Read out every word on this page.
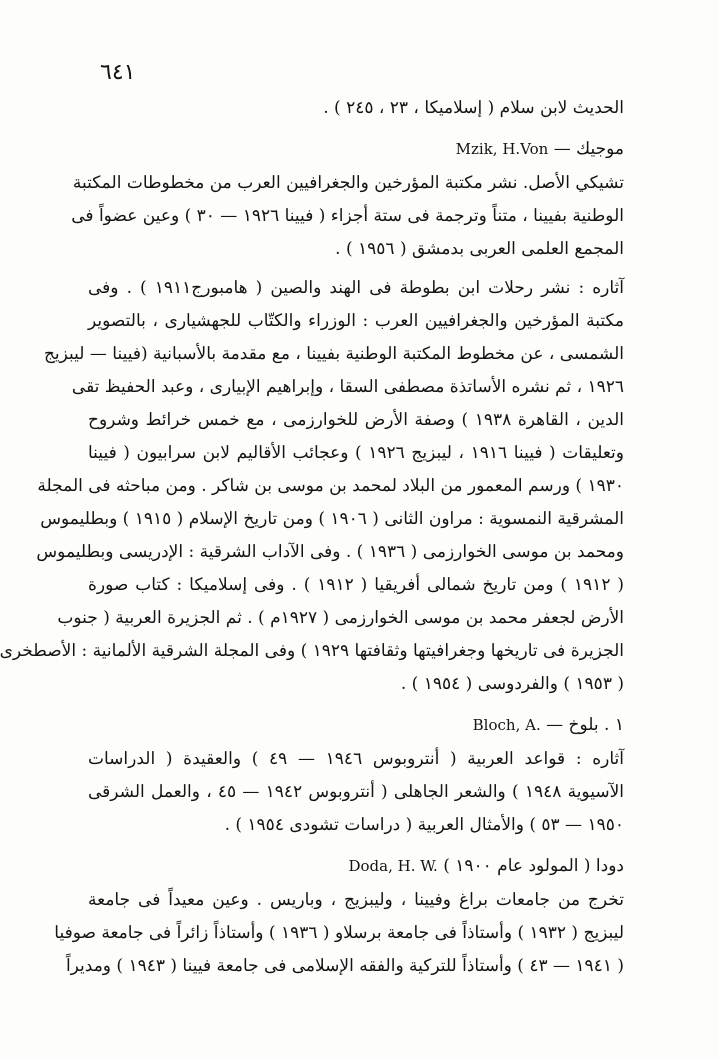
٦٤١
الحديث لابن سلام ( إسلاميكا ، ٢٣ ، ٢٤٥ ) .
موجيك — Mzik, H.Von
تشيكي الأصل. نشر مكتبة المؤرخين والجغرافيين العرب من مخطوطات المكتبة
الوطنية بفيينا ، متناً وترجمة فى ستة أجزاء ( فيينا ١٩٢٦ — ٣٠ ) وعين عضواً فى
المجمع العلمى العربى بدمشق ( ١٩٥٦ ) .
آثاره : نشر رحلات ابن بطوطة فى الهند والصين ( هامبورج١٩١١ ) . وفى
مكتبة المؤرخين والجغرافيين العرب : الوزراء والكتّاب للجهشيارى ، بالتصوير
الشمسى ، عن مخطوط المكتبة الوطنية بفيينا ، مع مقدمة بالأسبانية (فيينا — ليبزيج
١٩٢٦ ، ثم نشره الأساتذة مصطفى السقا ، وإبراهيم الإبيارى ، وعبد الحفيظ تقى
الدين ، القاهرة ١٩٣٨ ) وصفة الأرض للخوارزمى ، مع خمس خرائط وشروح
وتعليقات ( فيينا ١٩١٦ ، ليبزيج ١٩٢٦ ) وعجائب الأقاليم لابن سرابيون ( فيينا
١٩٣٠ ) ورسم المعمور من البلاد لمحمد بن موسى بن شاكر . ومن مباحثه فى المجلة
المشرقية النمسوية : مراون الثانى ( ١٩٠٦ ) ومن تاريخ الإسلام ( ١٩١٥ ) وبطليموس
ومحمد بن موسى الخوارزمى ( ١٩٣٦ ) . وفى الآداب الشرقية : الإدريسى وبطليموس
( ١٩١٢ ) ومن تاريخ شمالى أفريقيا ( ١٩١٢ ) . وفى إسلاميكا : كتاب صورة
الأرض لجعفر محمد بن موسى الخوارزمى ( ١٩٢٧م ) . ثم الجزيرة العربية ( جنوب
الجزيرة فى تاريخها وجغرافيتها وثقافتها ١٩٢٩ ) وفى المجلة الشرقية الألمانية : الأصطخرى
( ١٩٥٣ ) والفردوسى ( ١٩٥٤ ) .
١ . بلوخ — Bloch, A.
آثاره : قواعد العربية ( أنتروبوس ١٩٤٦ — ٤٩ ) والعقيدة ( الدراسات
الآسيوية ١٩٤٨ ) والشعر الجاهلى ( أنتروبوس ١٩٤٢ — ٤٥ ، والعمل الشرقى
١٩٥٠ — ٥٣ ) والأمثال العربية ( دراسات تشودى ١٩٥٤ ) .
دودا ( المولود عام ١٩٠٠ ) Doda, H. W.
تخرج من جامعات براغ وفيينا ، وليبزيج ، وباريس . وعين معيداً فى جامعة
ليبزيج ( ١٩٣٢ ) وأستاذاً فى جامعة برسلاو ( ١٩٣٦ ) وأستاذاً زائراً فى جامعة صوفيا
( ١٩٤١ — ٤٣ ) وأستاذاً للتركية والفقه الإسلامى فى جامعة فيينا ( ١٩٤٣ ) ومديراً
